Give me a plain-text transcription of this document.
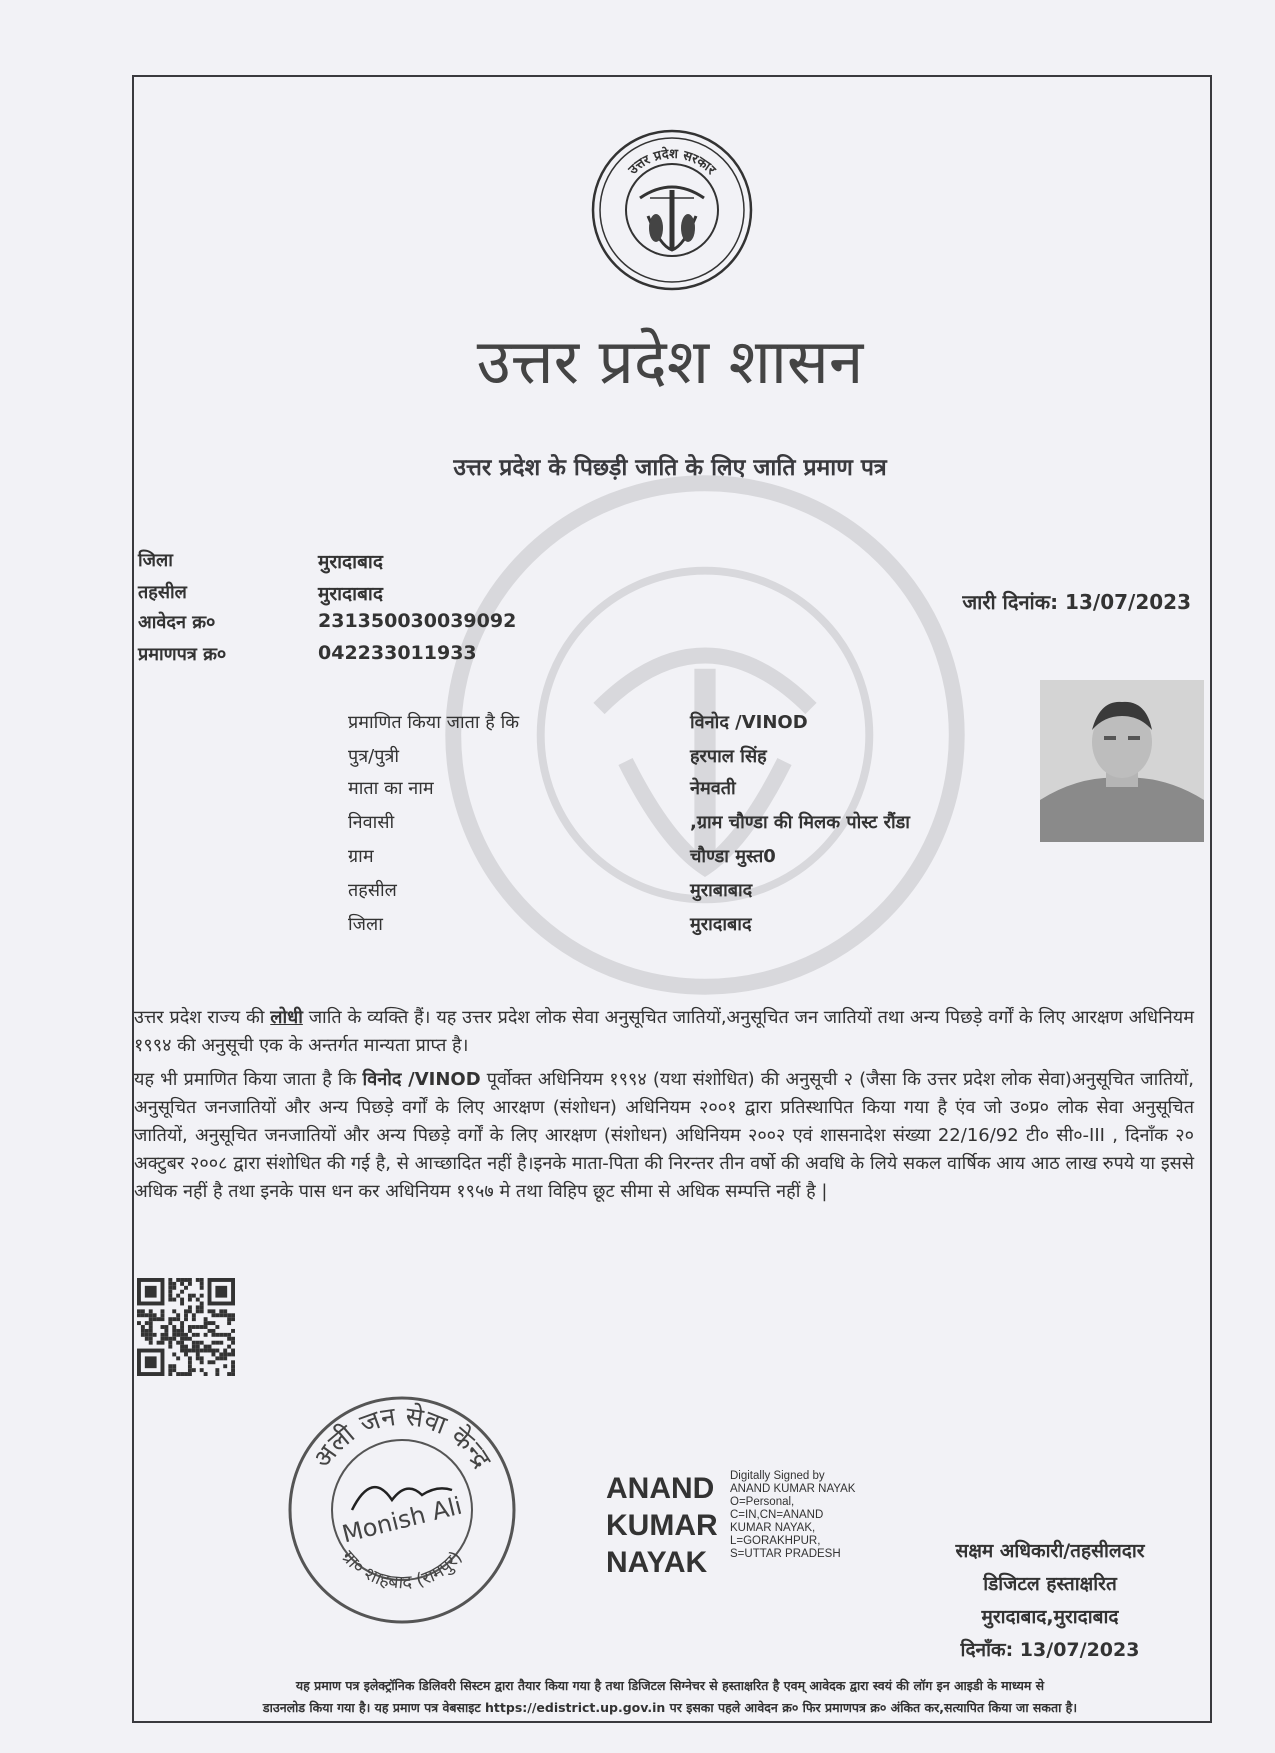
उत्तर प्रदेश सरकार
उत्तर प्रदेश शासन
उत्तर प्रदेश के पिछड़ी जाति के लिए जाति प्रमाण पत्र
जिला	मुरादाबाद
तहसील	मुरादाबाद
आवेदन क्र०	231350030039092
प्रमाणपत्र क्र०	042233011933
जारी दिनांक: 13/07/2023
प्रमाणित किया जाता है कि	विनोद /VINOD
पुत्र/पुत्री	हरपाल सिंह
माता का नाम	नेमवती
निवासी	,ग्राम चौण्डा की मिलक पोस्ट रौंडा
ग्राम	चौण्डा मुस्त0
तहसील	मुराबाबाद
जिला	मुरादाबाद
उत्तर प्रदेश राज्य की लोधी जाति के व्यक्ति हैं। यह उत्तर प्रदेश लोक सेवा अनुसूचित जातियों,अनुसूचित जन जातियों तथा अन्य पिछड़े वर्गों के लिए आरक्षण अधिनियम १९९४ की अनुसूची एक के अन्तर्गत मान्यता प्राप्त है।
यह भी प्रमाणित किया जाता है कि विनोद /VINOD पूर्वोक्त अधिनियम १९९४ (यथा संशोधित) की अनुसूची २ (जैसा कि उत्तर प्रदेश लोक सेवा)अनुसूचित जातियों, अनुसूचित जनजातियों और अन्य पिछड़े वर्गों के लिए आरक्षण (संशोधन) अधिनियम २००१ द्वारा प्रतिस्थापित किया गया है एंव जो उ०प्र० लोक सेवा अनुसूचित जातियों, अनुसूचित जनजातियों और अन्य पिछड़े वर्गों के लिए आरक्षण (संशोधन) अधिनियम २००२ एवं शासनादेश संख्या 22/16/92 टी० सी०-III , दिनाँक २० अक्टुबर २००८ द्वारा संशोधित की गई है, से आच्छादित नहीं है।इनके माता-पिता की निरन्तर तीन वर्षो की अवधि के लिये सकल वार्षिक आय आठ लाख रुपये या इससे अधिक नहीं है तथा इनके पास धन कर अधिनियम १९५७ मे तथा विहिप छूट सीमा से अधिक सम्पत्ति नहीं है |
अली जन सेवा केन्द्र
ग्रा० शाहबाद (रामपुर)
Monish Ali
ANAND
KUMAR
NAYAK
Digitally Signed by
ANAND KUMAR NAYAK
O=Personal,
C=IN,CN=ANAND
KUMAR NAYAK,
L=GORAKHPUR,
S=UTTAR PRADESH	सक्षम अधिकारी/तहसीलदार
डिजिटल हस्ताक्षरित
मुरादाबाद,मुरादाबाद
दिनाँक: 13/07/2023
यह प्रमाण पत्र इलेक्ट्रॉनिक डिलिवरी सिस्टम द्वारा तैयार किया गया है तथा डिजिटल सिग्नेचर से हस्ताक्षरित है एवम् आवेदक द्वारा स्वयं की लॉग इन आइडी के माध्यम से
डाउनलोड किया गया है। यह प्रमाण पत्र वेबसाइट https://edistrict.up.gov.in पर इसका पहले आवेदन क्र० फिर प्रमाणपत्र क्र० अंकित कर,सत्यापित किया जा सकता है।
